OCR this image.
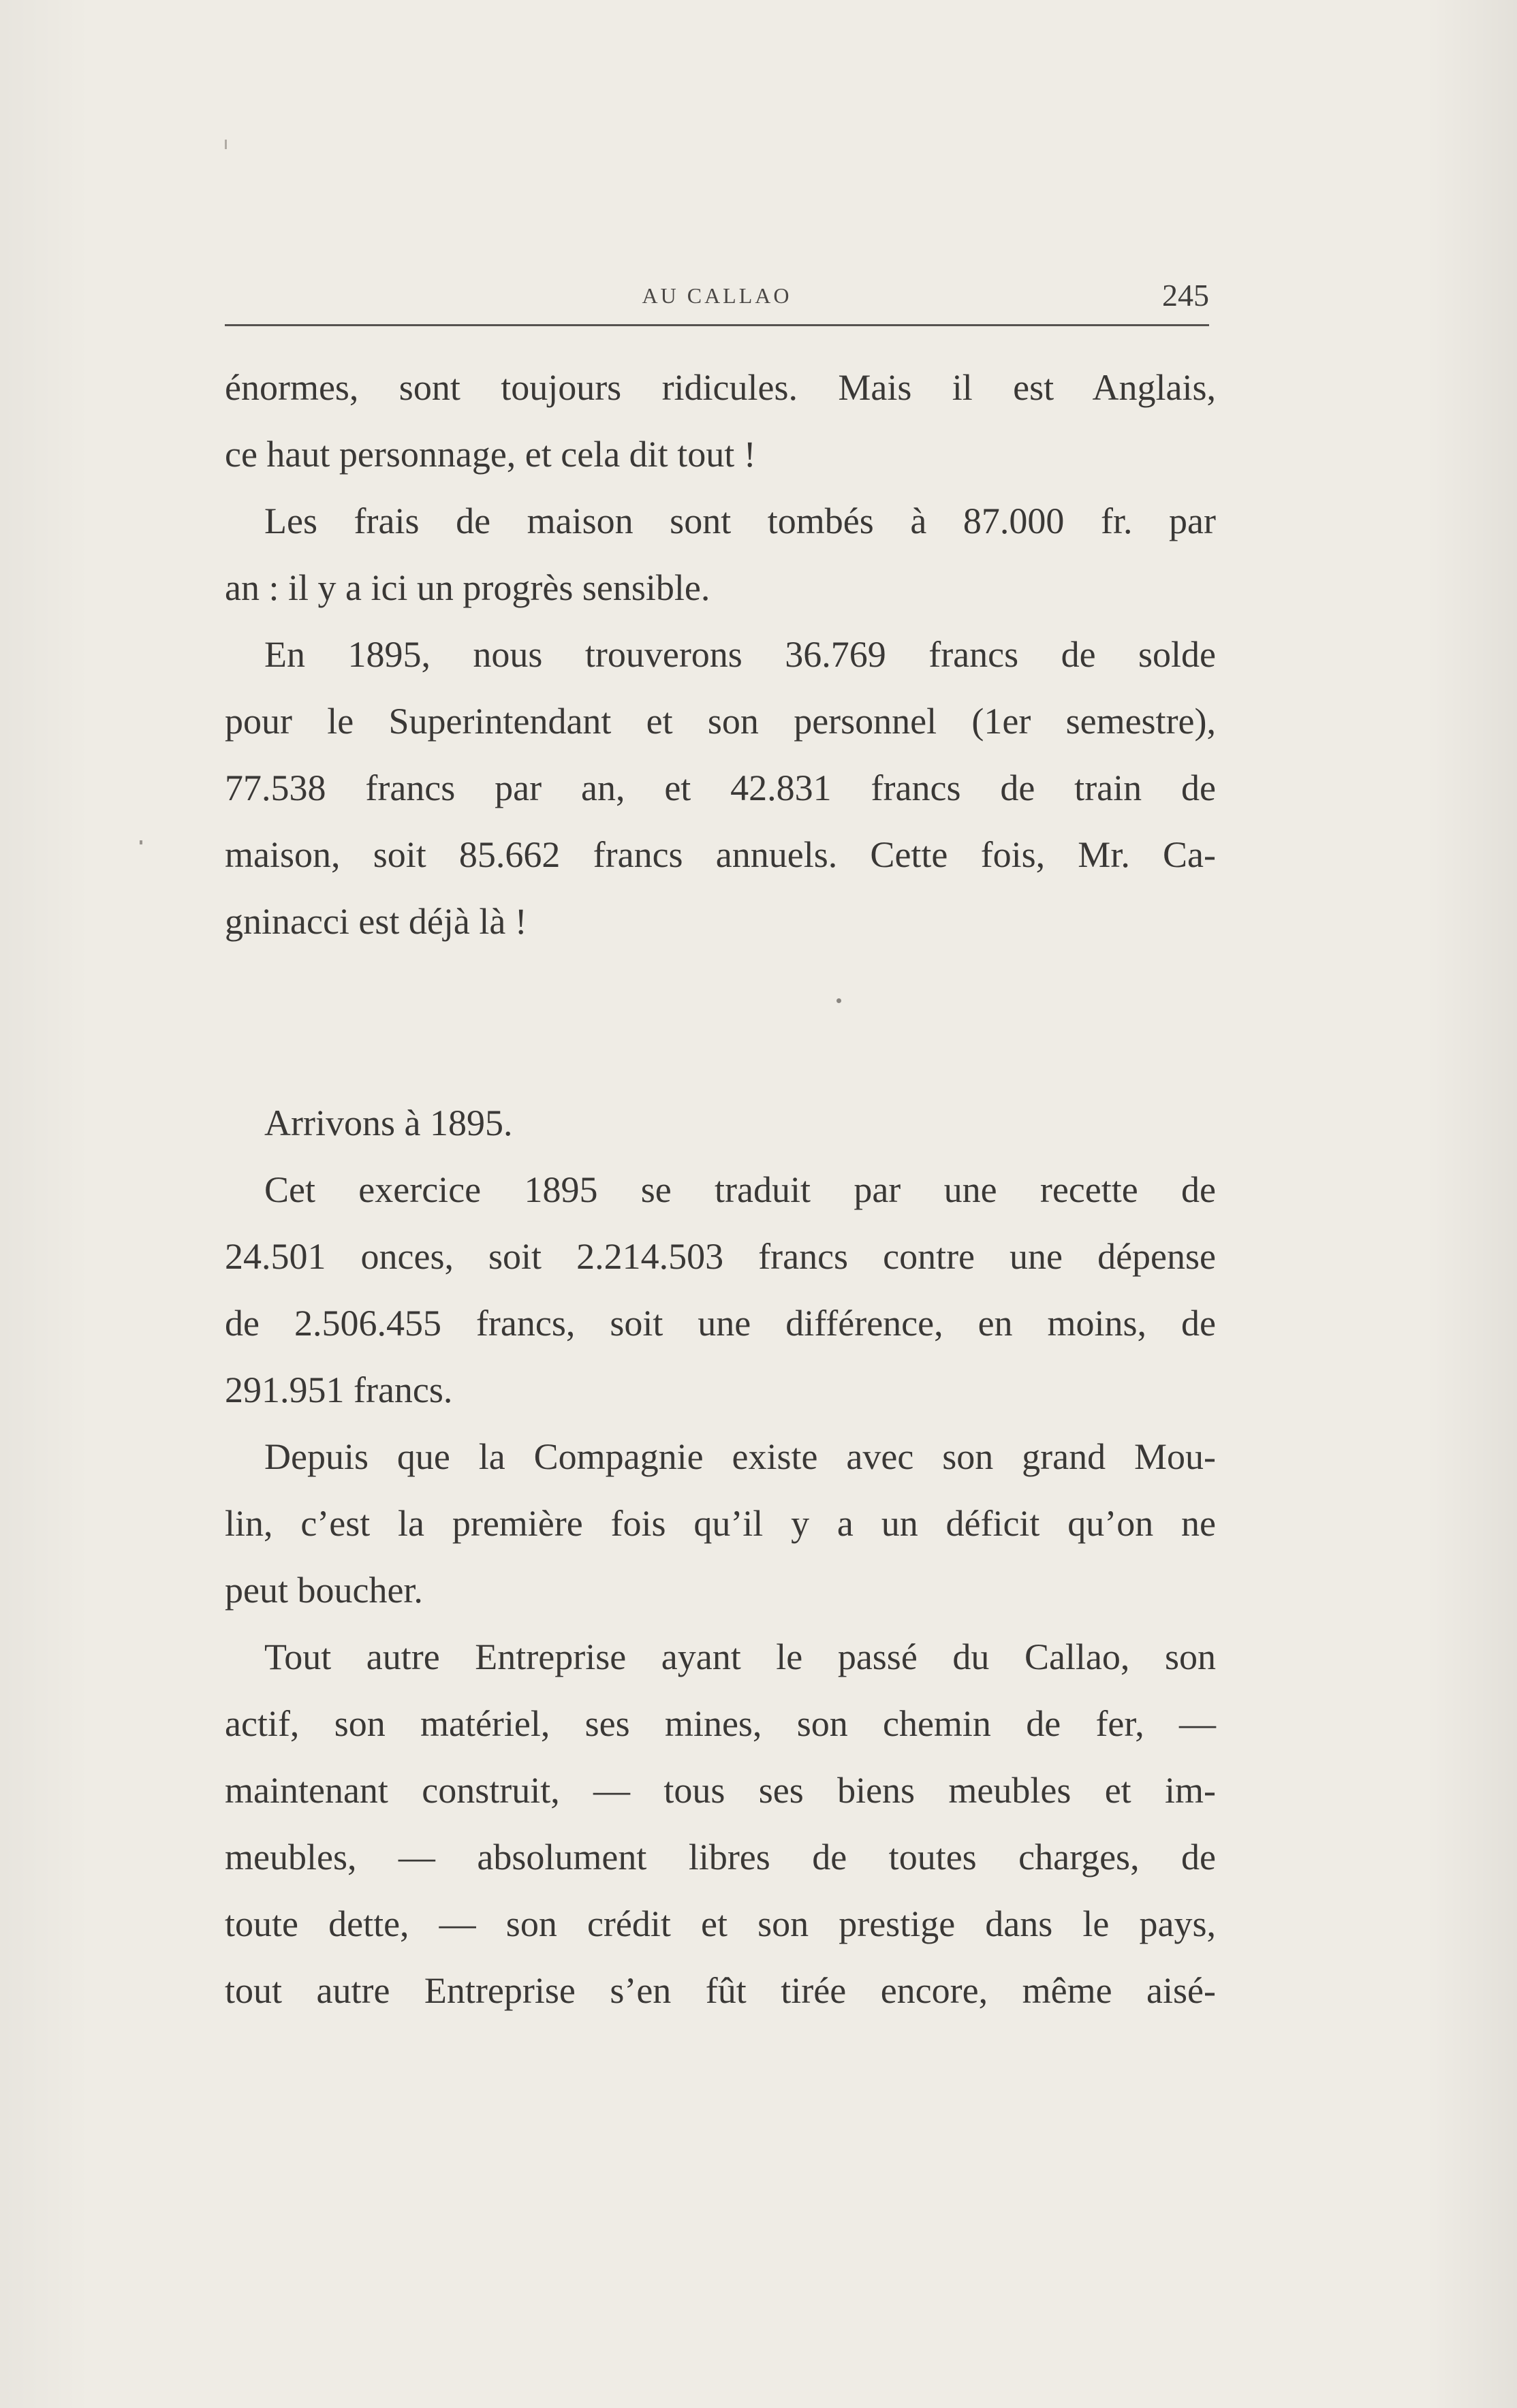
AU CALLAO	245
énormes, sont toujours ridicules. Mais il est Anglais,
ce haut personnage, et cela dit tout !
Les frais de maison sont tombés à 87.000 fr. par
an : il y a ici un progrès sensible.
En 1895, nous trouverons 36.769 francs de solde
pour le Superintendant et son personnel (1er semestre),
77.538 francs par an, et 42.831 francs de train de
maison, soit 85.662 francs annuels. Cette fois, Mr. Ca-
gninacci est déjà là !
Arrivons à 1895.
Cet exercice 1895 se traduit par une recette de
24.501 onces, soit 2.214.503 francs contre une dépense
de 2.506.455 francs, soit une différence, en moins, de
291.951 francs.
Depuis que la Compagnie existe avec son grand Mou-
lin, c’est la première fois qu’il y a un déficit qu’on ne
peut boucher.
Tout autre Entreprise ayant le passé du Callao, son
actif, son matériel, ses mines, son chemin de fer, —
maintenant construit, — tous ses biens meubles et im-
meubles, — absolument libres de toutes charges, de
toute dette, — son crédit et son prestige dans le pays,
tout autre Entreprise s’en fût tirée encore, même aisé-
